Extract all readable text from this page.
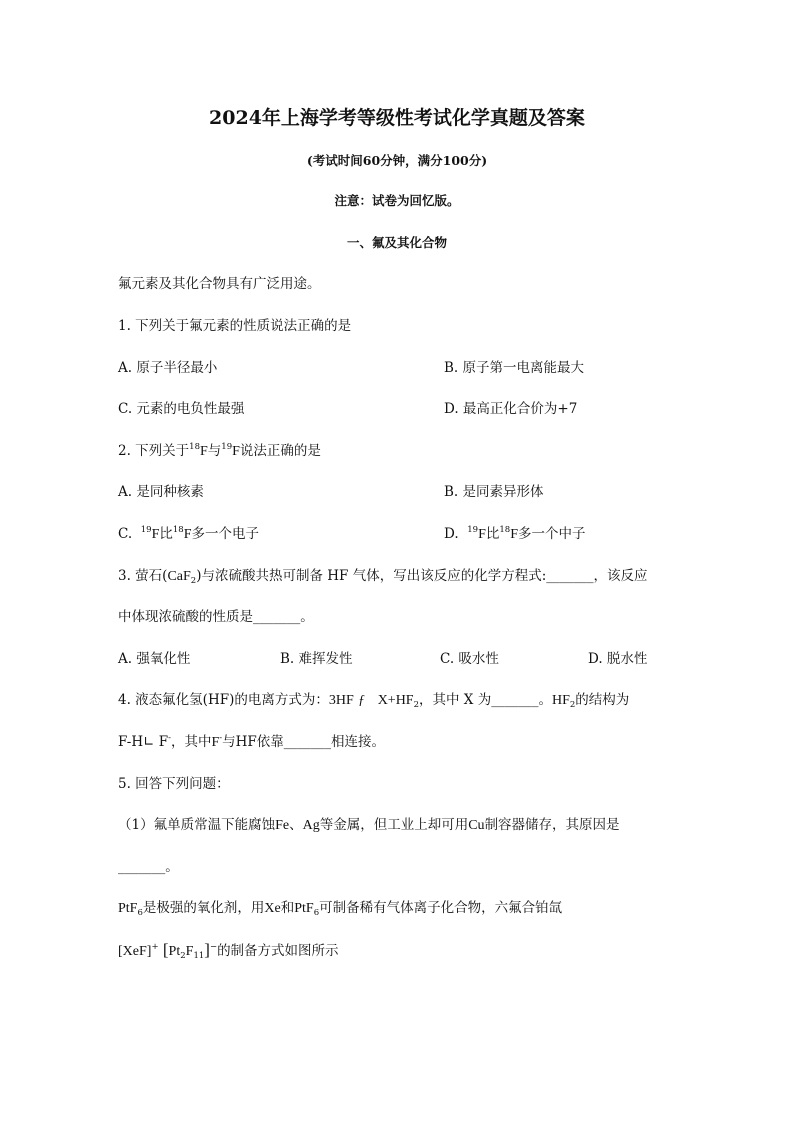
2024年上海学考等级性考试化学真题及答案
(考试时间60分钟，满分100分)
注意：试卷为回忆版。
一、氟及其化合物
氟元素及其化合物具有广泛用途。
1. 下列关于氟元素的性质说法正确的是
A. 原子半径最小	B. 原子第一电离能最大
C. 元素的电负性最强	D. 最高正化合价为+7
2. 下列关于$^{18}$F与$^{19}$F说法正确的是
A. 是同种核素	B. 是同素异形体
C. $^{19}$F比$^{18}$F多一个电子	D. $^{19}$F比$^{18}$F多一个中子
3. 萤石(CaF$_2$)与浓硫酸共热可制备 HF 气体，写出该反应的化学方程式:_______，该反应
中体现浓硫酸的性质是_______。
A. 强氧化性	B. 难挥发性	C. 吸水性	D. 脱水性
4. 液态氟化氢(HF)的电离方式为：3HF ƒ $X+HF_2$，其中 X 为_______。$HF_2$的结构为
F-H∟ F-，其中F-与HF依靠_______相连接。
5. 回答下列问题：
（1）氟单质常温下能腐蚀Fe、Ag等金属，但工业上却可用Cu制容器储存，其原因是
_______。
PtF$_6$是极强的氧化剂，用Xe和PtF$_6$可制备稀有气体离子化合物，六氟合铂氙
[XeF]+ $[Pt_2F_{11}]^-$的制备方式如图所示
